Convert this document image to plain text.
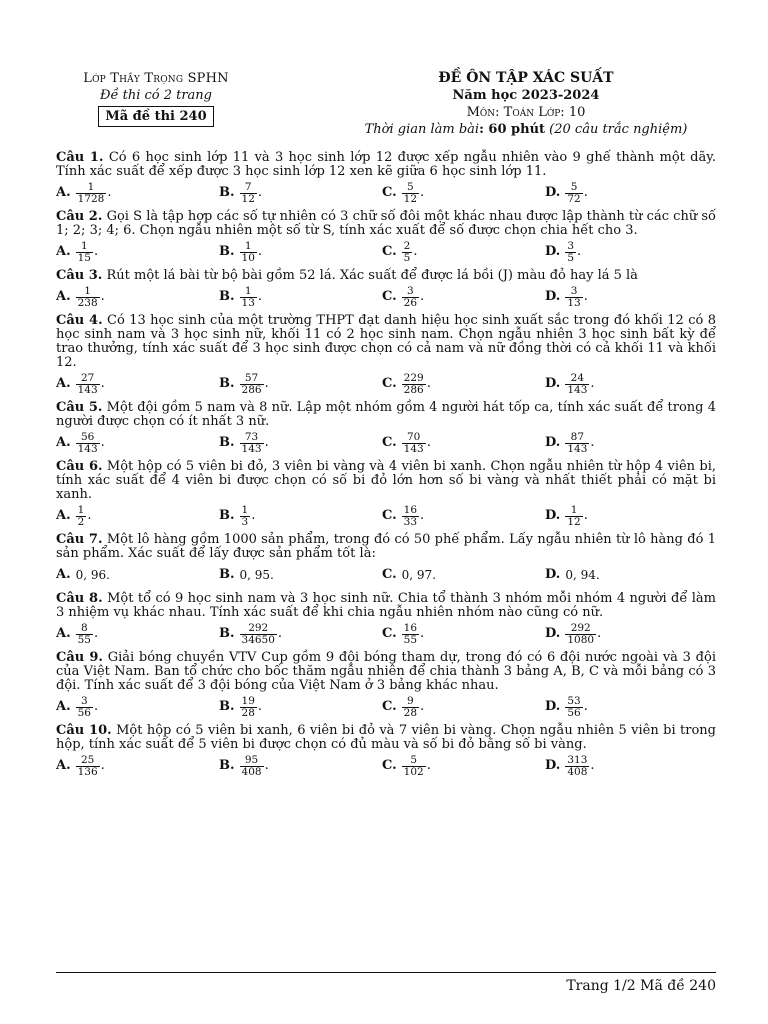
Lớp Thầy Trọng SPHN
Đề thi có 2 trang
Mã đề thi 240
ĐỀ ÔN TẬP XÁC SUẤT
Năm học 2023-2024
Môn: Toán Lớp: 10
Thời gian làm bài: 60 phút (20 câu trắc nghiệm)
Câu 1. Có 6 học sinh lớp 11 và 3 học sinh lớp 12 được xếp ngẫu nhiên vào 9 ghế thành một dãy. Tính xác suất để xếp được 3 học sinh lớp 12 xen kẽ giữa 6 học sinh lớp 11.
A. $\frac{1}{1728}$ .	B. $\frac{7}{12}$ .	C. $\frac{5}{12}$ .	D. $\frac{5}{72}$ .
Câu 2. Gọi S là tập hợp các số tự nhiên có 3 chữ số đôi một khác nhau được lập thành từ các chữ số 1; 2; 3; 4; 6. Chọn ngẫu nhiên một số từ S, tính xác xuất để số được chọn chia hết cho 3.
A. $\frac{1}{15}$ .	B. $\frac{1}{10}$ .	C. $\frac{2}{5}$ .	D. $\frac{3}{5}$ .
Câu 3. Rút một lá bài từ bộ bài gồm 52 lá. Xác suất để được lá bồi (J) màu đỏ hay lá 5 là
A. $\frac{1}{238}$ .	B. $\frac{1}{13}$ .	C. $\frac{3}{26}$ .	D. $\frac{3}{13}$ .
Câu 4. Có 13 học sinh của một trường THPT đạt danh hiệu học sinh xuất sắc trong đó khối 12 có 8 học sinh nam và 3 học sinh nữ, khối 11 có 2 học sinh nam. Chọn ngẫu nhiên 3 học sinh bất kỳ để trao thưởng, tính xác suất để 3 học sinh được chọn có cả nam và nữ đồng thời có cả khối 11 và khối 12.
A. $\frac{27}{143}$ .	B. $\frac{57}{286}$ .	C. $\frac{229}{286}$ .	D. $\frac{24}{143}$ .
Câu 5. Một đội gồm 5 nam và 8 nữ. Lập một nhóm gồm 4 người hát tốp ca, tính xác suất để trong 4 người được chọn có ít nhất 3 nữ.
A. $\frac{56}{143}$ .	B. $\frac{73}{143}$ .	C. $\frac{70}{143}$ .	D. $\frac{87}{143}$ .
Câu 6. Một hộp có 5 viên bi đỏ, 3 viên bi vàng và 4 viên bi xanh. Chọn ngẫu nhiên từ hộp 4 viên bi, tính xác suất để 4 viên bi được chọn có số bi đỏ lớn hơn số bi vàng và nhất thiết phải có mặt bi xanh.
A. $\frac{1}{2}$ .	B. $\frac{1}{3}$ .	C. $\frac{16}{33}$ .	D. $\frac{1}{12}$ .
Câu 7. Một lô hàng gồm 1000 sản phẩm, trong đó có 50 phế phẩm. Lấy ngẫu nhiên từ lô hàng đó 1 sản phẩm. Xác suất để lấy được sản phẩm tốt là:
A. 0, 96.	B. 0, 95.	C. 0, 97.	D. 0, 94.
Câu 8. Một tổ có 9 học sinh nam và 3 học sinh nữ. Chia tổ thành 3 nhóm mỗi nhóm 4 người để làm 3 nhiệm vụ khác nhau. Tính xác suất để khi chia ngẫu nhiên nhóm nào cũng có nữ.
A. $\frac{8}{55}$ .	B. $\frac{292}{34650}$ .	C. $\frac{16}{55}$ .	D. $\frac{292}{1080}$ .
Câu 9. Giải bóng chuyền VTV Cup gồm 9 đội bóng tham dự, trong đó có 6 đội nước ngoài và 3 đội của Việt Nam. Ban tổ chức cho bốc thăm ngẫu nhiên để chia thành 3 bảng A, B, C và mỗi bảng có 3 đội. Tính xác suất để 3 đội bóng của Việt Nam ở 3 bảng khác nhau.
A. $\frac{3}{56}$ .	B. $\frac{19}{28}$ .	C. $\frac{9}{28}$ .	D. $\frac{53}{56}$ .
Câu 10. Một hộp có 5 viên bi xanh, 6 viên bi đỏ và 7 viên bi vàng. Chọn ngẫu nhiên 5 viên bi trong hộp, tính xác suất để 5 viên bi được chọn có đủ màu và số bi đỏ bằng số bi vàng.
A. $\frac{25}{136}$ .	B. $\frac{95}{408}$ .	C. $\frac{5}{102}$ .	D. $\frac{313}{408}$ .
Trang 1/2 Mã đề 240
